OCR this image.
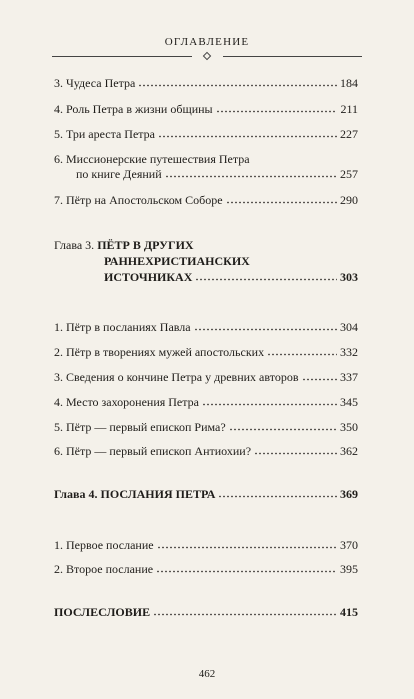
ОГЛАВЛЕНИЕ
3. Чудеса Петра	184
4. Роль Петра в жизни общины	211
5. Три ареста Петра	227
6. Миссионерские путешествия Петра
по книге Деяний	257
7. Пётр на Апостольском Соборе	290
Глава 3. ПЁТР В ДРУГИХ
РАННЕХРИСТИАНСКИХ
ИСТОЧНИКАХ	303
1. Пётр в посланиях Павла	304
2. Пётр в творениях мужей апостольских	332
3. Сведения о кончине Петра у древних авторов	337
4. Место захоронения Петра	345
5. Пётр — первый епископ Рима?	350
6. Пётр — первый епископ Антиохии?	362
Глава 4. ПОСЛАНИЯ ПЕТРА	369
1. Первое послание	370
2. Второе послание	395
ПОСЛЕСЛОВИЕ	415
462
